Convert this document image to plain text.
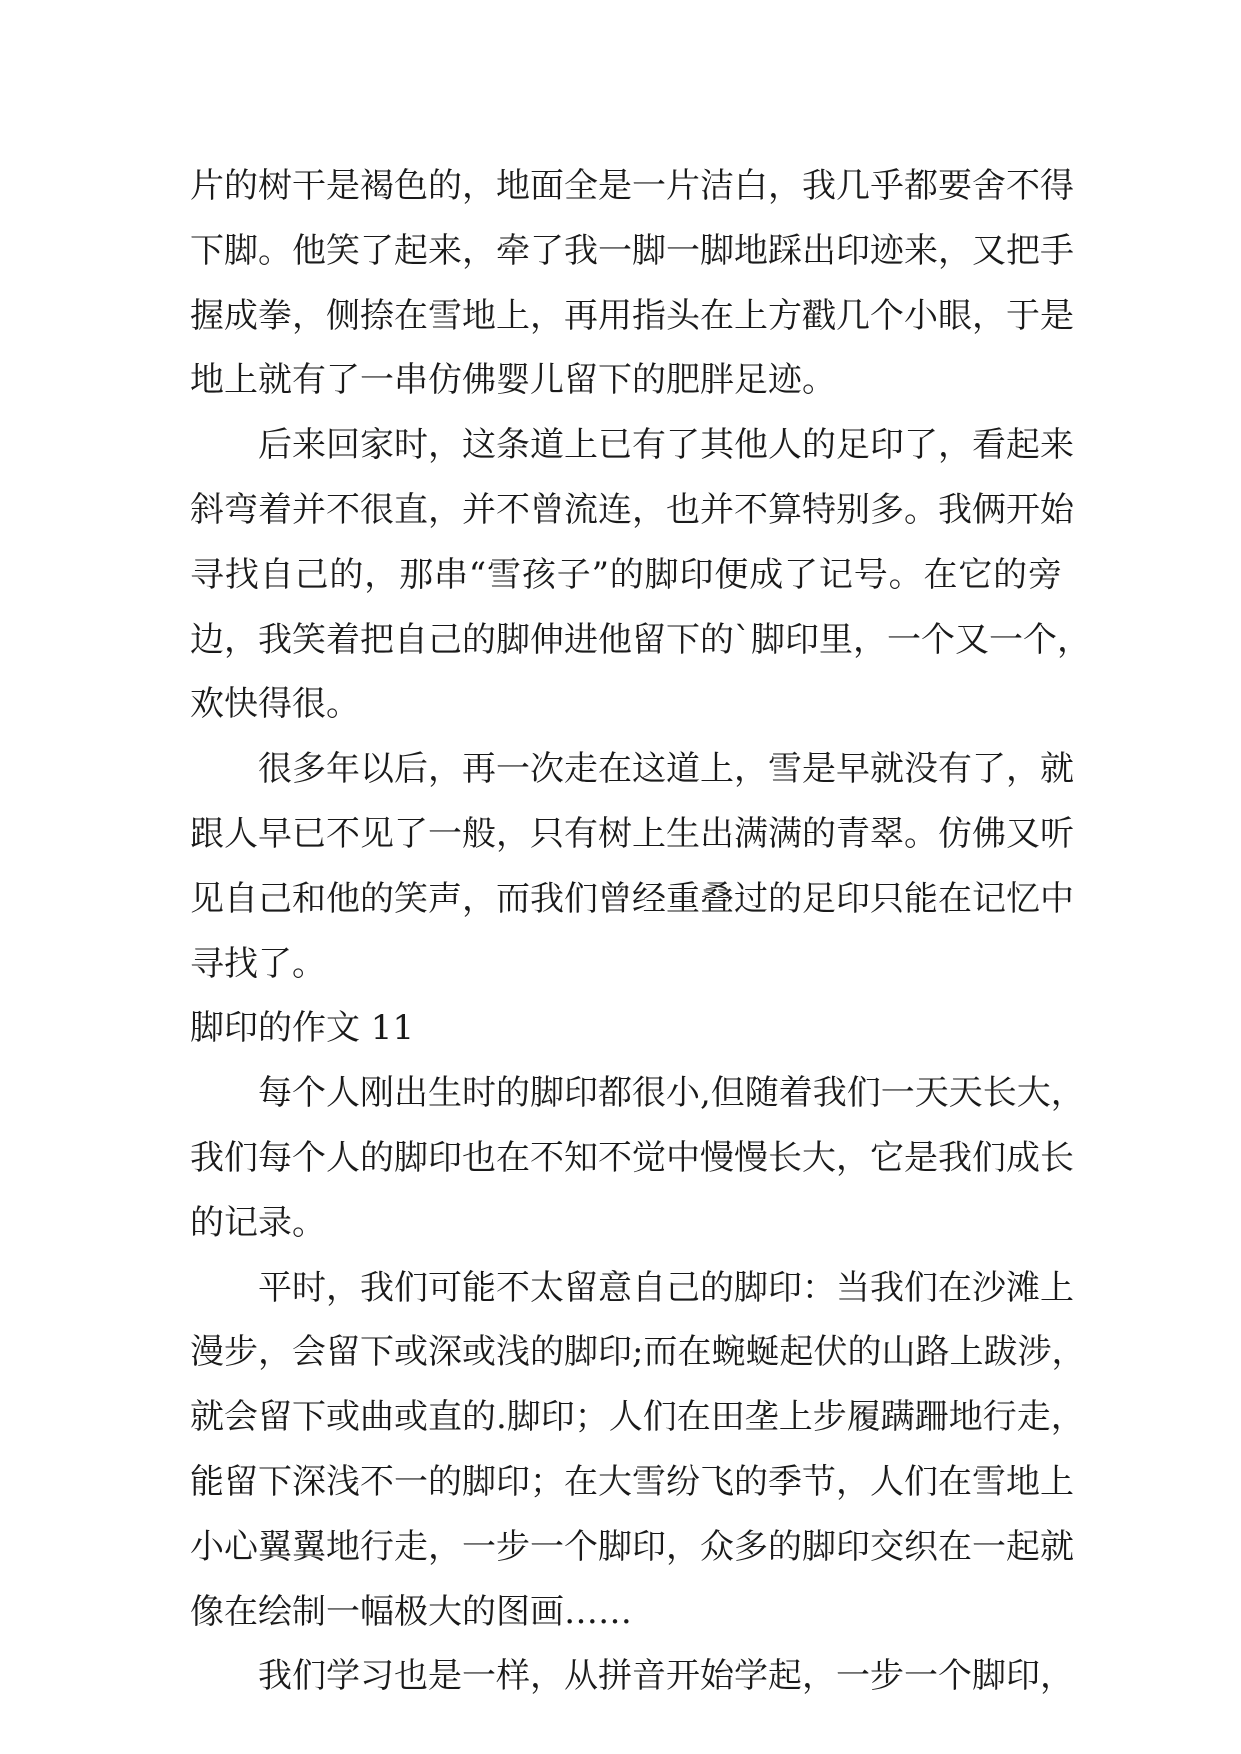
片的树干是褐色的，地面全是一片洁白，我几乎都要舍不得
下脚。他笑了起来，牵了我一脚一脚地踩出印迹来，又把手
握成拳，侧捺在雪地上，再用指头在上方戳几个小眼，于是
地上就有了一串仿佛婴儿留下的肥胖足迹。
后来回家时，这条道上已有了其他人的足印了，看起来
斜弯着并不很直，并不曾流连，也并不算特别多。我俩开始
寻找自己的，那串“雪孩子”的脚印便成了记号。在它的旁
边，我笑着把自己的脚伸进他留下的`脚印里，一个又一个，
欢快得很。
很多年以后，再一次走在这道上，雪是早就没有了，就
跟人早已不见了一般，只有树上生出满满的青翠。仿佛又听
见自己和他的笑声，而我们曾经重叠过的足印只能在记忆中
寻找了。
脚印的作文 11
每个人刚出生时的脚印都很小,但随着我们一天天长大，
我们每个人的脚印也在不知不觉中慢慢长大，它是我们成长
的记录。
平时，我们可能不太留意自己的脚印：当我们在沙滩上
漫步，会留下或深或浅的脚印;而在蜿蜒起伏的山路上跋涉，
就会留下或曲或直的.脚印；人们在田垄上步履蹒跚地行走，
能留下深浅不一的脚印；在大雪纷飞的季节，人们在雪地上
小心翼翼地行走，一步一个脚印，众多的脚印交织在一起就
像在绘制一幅极大的图画……
我们学习也是一样，从拼音开始学起，一步一个脚印，
